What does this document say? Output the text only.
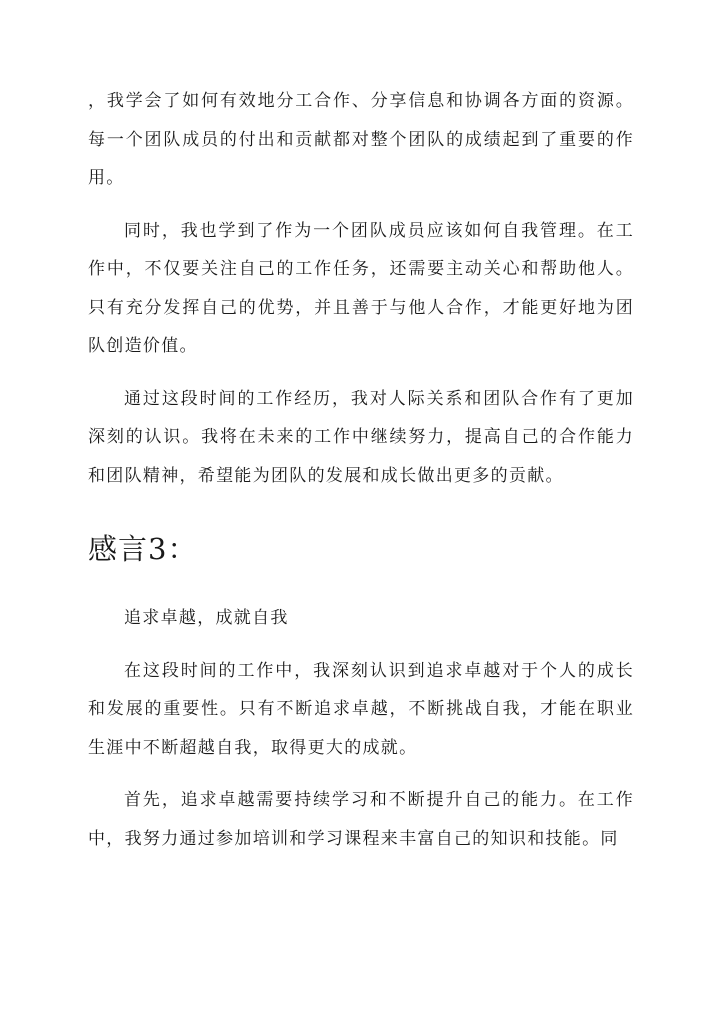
，我学会了如何有效地分工合作、分享信息和协调各方面的资源。每一个团队成员的付出和贡献都对整个团队的成绩起到了重要的作用。

同时，我也学到了作为一个团队成员应该如何自我管理。在工作中，不仅要关注自己的工作任务，还需要主动关心和帮助他人。只有充分发挥自己的优势，并且善于与他人合作，才能更好地为团队创造价值。

通过这段时间的工作经历，我对人际关系和团队合作有了更加深刻的认识。我将在未来的工作中继续努力，提高自己的合作能力和团队精神，希望能为团队的发展和成长做出更多的贡献。

感言3：

追求卓越，成就自我

在这段时间的工作中，我深刻认识到追求卓越对于个人的成长和发展的重要性。只有不断追求卓越，不断挑战自我，才能在职业生涯中不断超越自我，取得更大的成就。

首先，追求卓越需要持续学习和不断提升自己的能力。在工作中，我努力通过参加培训和学习课程来丰富自己的知识和技能。同
